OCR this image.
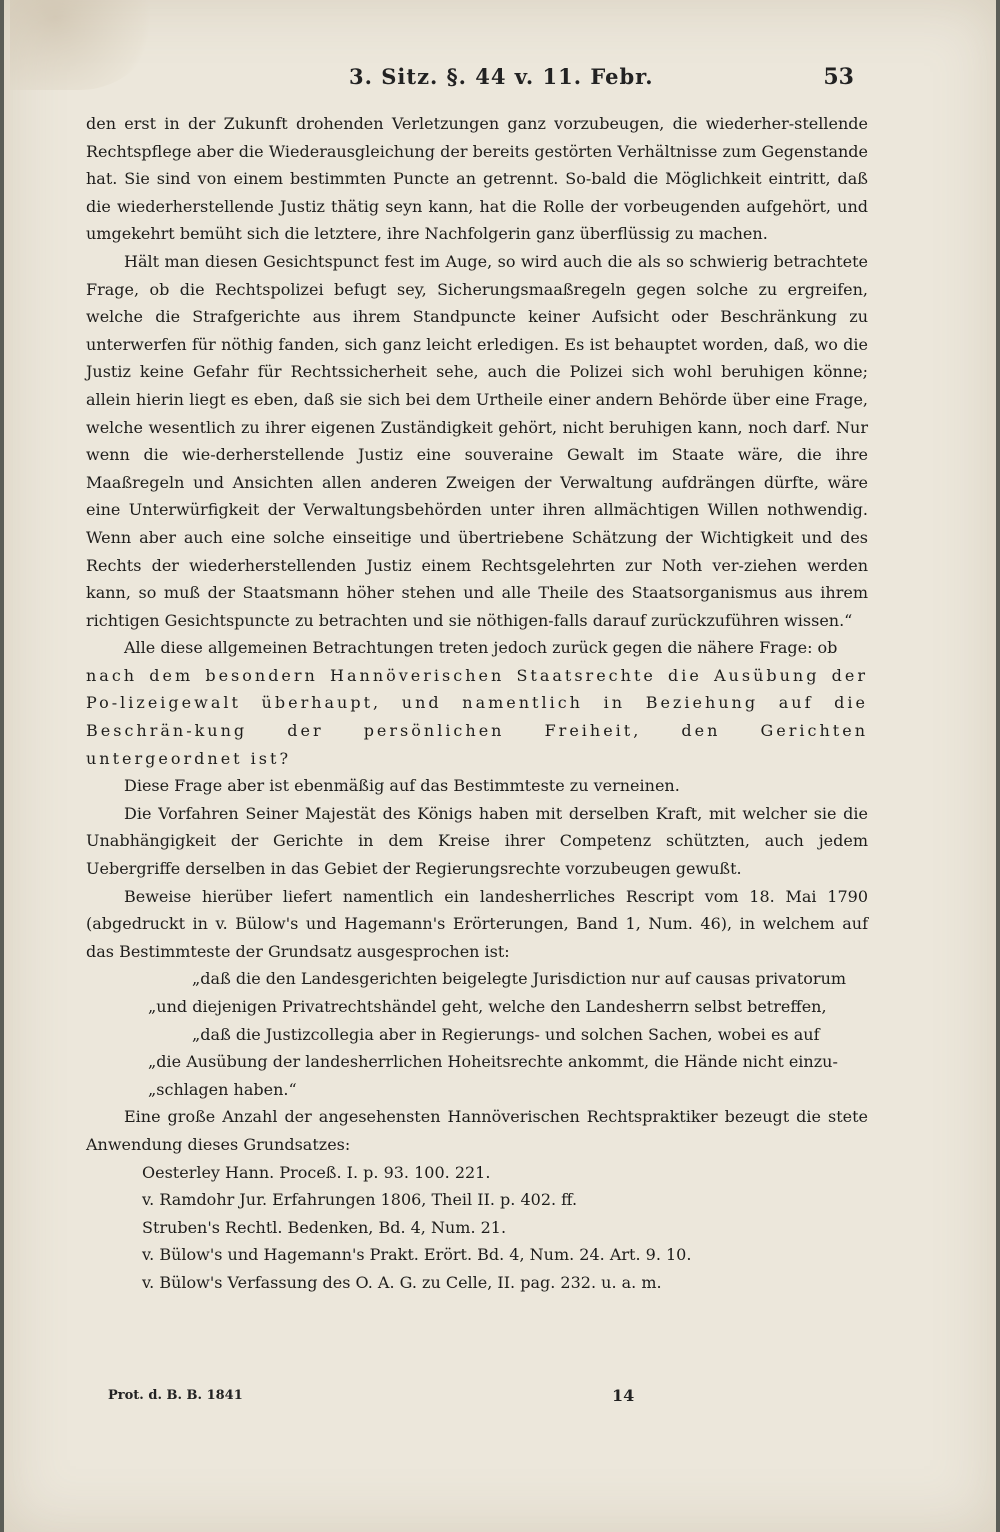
3. Sitz. §. 44 v. 11. Febr.	53

den erst in der Zukunft drohenden Verletzungen ganz vorzubeugen, die wiederher-stellende Rechtspflege aber die Wiederausgleichung der bereits gestörten Verhältnisse zum Gegenstande hat. Sie sind von einem bestimmten Puncte an getrennt. So-bald die Möglichkeit eintritt, daß die wiederherstellende Justiz thätig seyn kann, hat die Rolle der vorbeugenden aufgehört, und umgekehrt bemüht sich die letztere, ihre Nachfolgerin ganz überflüssig zu machen.

Hält man diesen Gesichtspunct fest im Auge, so wird auch die als so schwierig betrachtete Frage, ob die Rechtspolizei befugt sey, Sicherungsmaaßregeln gegen solche zu ergreifen, welche die Strafgerichte aus ihrem Standpuncte keiner Aufsicht oder Beschränkung zu unterwerfen für nöthig fanden, sich ganz leicht erledigen. Es ist behauptet worden, daß, wo die Justiz keine Gefahr für Rechtssicherheit sehe, auch die Polizei sich wohl beruhigen könne; allein hierin liegt es eben, daß sie sich bei dem Urtheile einer andern Behörde über eine Frage, welche wesentlich zu ihrer eigenen Zuständigkeit gehört, nicht beruhigen kann, noch darf. Nur wenn die wie-derherstellende Justiz eine souveraine Gewalt im Staate wäre, die ihre Maaßregeln und Ansichten allen anderen Zweigen der Verwaltung aufdrängen dürfte, wäre eine Unterwürfigkeit der Verwaltungsbehörden unter ihren allmächtigen Willen nothwendig. Wenn aber auch eine solche einseitige und übertriebene Schätzung der Wichtigkeit und des Rechts der wiederherstellenden Justiz einem Rechtsgelehrten zur Noth ver-ziehen werden kann, so muß der Staatsmann höher stehen und alle Theile des Staatsorganismus aus ihrem richtigen Gesichtspuncte zu betrachten und sie nöthigen-falls darauf zurückzuführen wissen.“

Alle diese allgemeinen Betrachtungen treten jedoch zurück gegen die nähere Frage: ob

nach dem besondern Hannöverischen Staatsrechte die Ausübung der Po-lizeigewalt überhaupt, und namentlich in Beziehung auf die Beschrän-kung der persönlichen Freiheit, den Gerichten untergeordnet ist?

Diese Frage aber ist ebenmäßig auf das Bestimmteste zu verneinen.

Die Vorfahren Seiner Majestät des Königs haben mit derselben Kraft, mit welcher sie die Unabhängigkeit der Gerichte in dem Kreise ihrer Competenz schützten, auch jedem Uebergriffe derselben in das Gebiet der Regierungsrechte vorzubeugen gewußt.

Beweise hierüber liefert namentlich ein landesherrliches Rescript vom 18. Mai 1790 (abgedruckt in v. Bülow's und Hagemann's Erörterungen, Band 1, Num. 46), in welchem auf das Bestimmteste der Grundsatz ausgesprochen ist:

„daß die den Landesgerichten beigelegte Jurisdiction nur auf causas privatorum

„und diejenigen Privatrechtshändel geht, welche den Landesherrn selbst betreffen,

„daß die Justizcollegia aber in Regierungs- und solchen Sachen, wobei es auf

„die Ausübung der landesherrlichen Hoheitsrechte ankommt, die Hände nicht einzu-

„schlagen haben.“

Eine große Anzahl der angesehensten Hannöverischen Rechtspraktiker bezeugt die stete Anwendung dieses Grundsatzes:

Oesterley Hann. Proceß. I. p. 93. 100. 221.
v. Ramdohr Jur. Erfahrungen 1806, Theil II. p. 402. ff.
Struben's Rechtl. Bedenken, Bd. 4, Num. 21.
v. Bülow's und Hagemann's Prakt. Erört. Bd. 4, Num. 24. Art. 9. 10.
v. Bülow's Verfassung des O. A. G. zu Celle, II. pag. 232. u. a. m.
Prot. d. B. B. 1841	14
